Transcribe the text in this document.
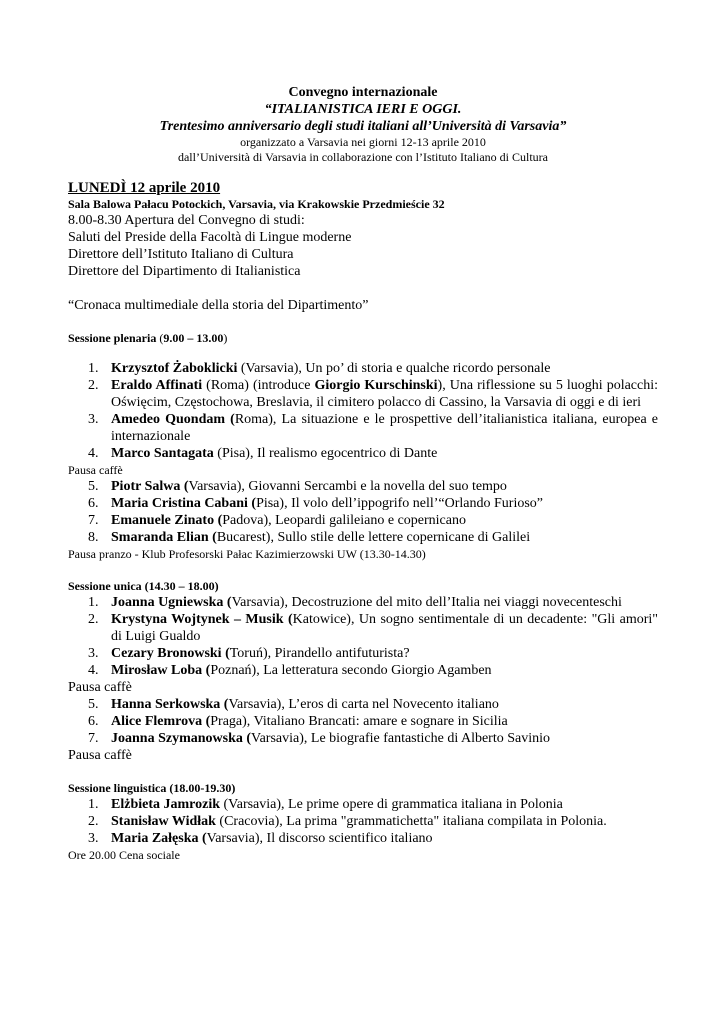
Convegno internazionale
“ITALIANISTICA IERI E OGGI.
Trentesimo anniversario degli studi italiani all’Università di Varsavia”
organizzato a Varsavia nei giorni 12-13 aprile 2010
dall’Università di Varsavia in collaborazione con l’Istituto Italiano di Cultura
LUNEDÌ 12 aprile 2010
Sala Balowa Pałacu Potockich, Varsavia, via Krakowskie Przedmieście 32
8.00-8.30 Apertura del Convegno di studi:
Saluti del Preside della Facoltà di Lingue moderne
Direttore dell’Istituto Italiano di Cultura
Direttore del Dipartimento di Italianistica
“Cronaca multimediale della storia del Dipartimento”
Sessione plenaria (9.00 – 13.00)
1. Krzysztof Żaboklicki (Varsavia), Un po’ di storia e qualche ricordo personale
2. Eraldo Affinati (Roma) (introduce Giorgio Kurschinski), Una riflessione su 5 luoghi polacchi: Oświęcim, Częstochowa, Breslavia, il cimitero polacco di Cassino, la Varsavia di oggi e di ieri
3. Amedeo Quondam (Roma), La situazione e le prospettive dell’italianistica italiana, europea e internazionale
4. Marco Santagata (Pisa), Il realismo egocentrico di Dante
Pausa caffè
5. Piotr Salwa (Varsavia), Giovanni Sercambi e la novella del suo tempo
6. Maria Cristina Cabani (Pisa), Il volo dell’ippogrifo nell’“Orlando Furioso”
7. Emanuele Zinato (Padova), Leopardi galileiano e copernicano
8. Smaranda Elian (Bucarest), Sullo stile delle lettere copernicane di Galilei
Pausa pranzo - Klub Profesorski Pałac Kazimierzowski UW (13.30-14.30)
Sessione unica (14.30 – 18.00)
1. Joanna Ugniewska (Varsavia), Decostruzione del mito dell’Italia nei viaggi novecenteschi
2. Krystyna Wojtynek – Musik (Katowice), Un sogno sentimentale di un decadente: "Gli amori" di Luigi Gualdo
3. Cezary Bronowski (Toruń), Pirandello antifuturista?
4. Mirosław Loba (Poznań), La letteratura secondo Giorgio Agamben
Pausa caffè
5. Hanna Serkowska (Varsavia), L’eros di carta nel Novecento italiano
6. Alice Flemrova (Praga), Vitaliano Brancati: amare e sognare in Sicilia
7. Joanna Szymanowska (Varsavia), Le biografie fantastiche di Alberto Savinio
Pausa caffè
Sessione linguistica (18.00-19.30)
1. Elżbieta Jamrozik (Varsavia), Le prime opere di grammatica italiana in Polonia
2. Stanisław Widłak (Cracovia), La prima "grammatichetta" italiana compilata in Polonia.
3. Maria Załęska (Varsavia), Il discorso scientifico italiano
Ore 20.00 Cena sociale
